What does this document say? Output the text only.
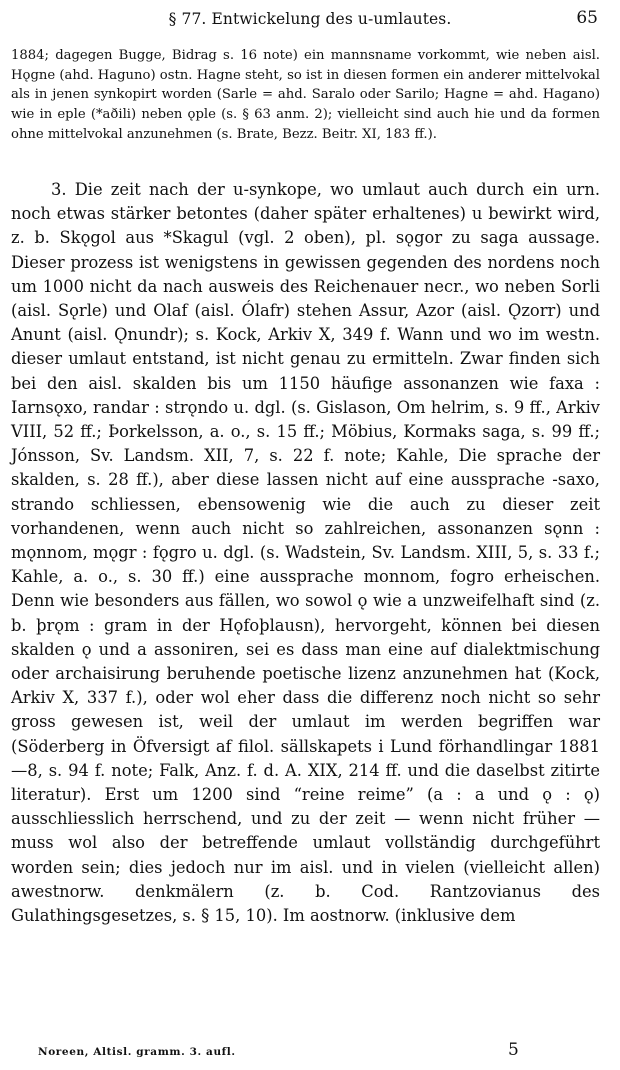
§ 77. Entwickelung des u-umlautes.	65
1884; dagegen Bugge, Bidrag s. 16 note) ein mannsname vorkommt, wie neben aisl. Hǫgne (ahd. Haguno) ostn. Hagne steht, so ist in diesen formen ein anderer mittelvokal als in jenen synkopirt worden (Sarle = ahd. Saralo oder Sarilo; Hagne = ahd. Hagano) wie in eple (*aðili) neben ǫple (s. § 63 anm. 2); vielleicht sind auch hie und da formen ohne mittelvokal anzunehmen (s. Brate, Bezz. Beitr. XI, 183 ff.).
3. Die zeit nach der u-synkope, wo umlaut auch durch ein urn. noch etwas stärker betontes (daher später erhaltenes) u bewirkt wird, z. b. Skǫgol aus *Skagul (vgl. 2 oben), pl. sǫgor zu saga aussage. Dieser prozess ist wenigstens in gewissen gegenden des nordens noch um 1000 nicht da nach ausweis des Reichenauer necr., wo neben Sorli (aisl. Sǫrle) und Olaf (aisl. Ólafr) stehen Assur, Azor (aisl. Ǫzorr) und Anunt (aisl. Ǫnundr); s. Kock, Arkiv X, 349 f. Wann und wo im westn. dieser umlaut entstand, ist nicht genau zu ermitteln. Zwar finden sich bei den aisl. skalden bis um 1150 häufige assonanzen wie faxa : Iarnsǫxo, randar : strǫndo u. dgl. (s. Gislason, Om helrim, s. 9 ff., Arkiv VIII, 52 ff.; Þorkelsson, a. o., s. 15 ff.; Möbius, Kormaks saga, s. 99 ff.; Jónsson, Sv. Landsm. XII, 7, s. 22 f. note; Kahle, Die sprache der skalden, s. 28 ff.), aber diese lassen nicht auf eine aussprache -saxo, strando schliessen, ebensowenig wie die auch zu dieser zeit vorhandenen, wenn auch nicht so zahlreichen, assonanzen sǫnn : mǫnnom, mǫgr : fǫgro u. dgl. (s. Wadstein, Sv. Landsm. XIII, 5, s. 33 f.; Kahle, a. o., s. 30 ff.) eine aussprache monnom, fogro erheischen. Denn wie besonders aus fällen, wo sowol ǫ wie a unzweifelhaft sind (z. b. þrǫm : gram in der Hǫfoþlausn), hervorgeht, können bei diesen skalden ǫ und a assoniren, sei es dass man eine auf dialektmischung oder archaisirung beruhende poetische lizenz anzunehmen hat (Kock, Arkiv X, 337 f.), oder wol eher dass die differenz noch nicht so sehr gross gewesen ist, weil der umlaut im werden begriffen war (Söderberg in Öfversigt af filol. sällskapets i Lund förhandlingar 1881—8, s. 94 f. note; Falk, Anz. f. d. A. XIX, 214 ff. und die daselbst zitirte literatur). Erst um 1200 sind “reine reime” (a : a und ǫ : ǫ) ausschliesslich herrschend, und zu der zeit — wenn nicht früher — muss wol also der betreffende umlaut vollständig durchgeführt worden sein; dies jedoch nur im aisl. und in vielen (vielleicht allen) awestnorw. denkmälern (z. b. Cod. Rantzovianus des Gulathingsgesetzes, s. § 15, 10). Im aostnorw. (inklusive dem
Noreen, Altisl. gramm. 3. aufl.	5
